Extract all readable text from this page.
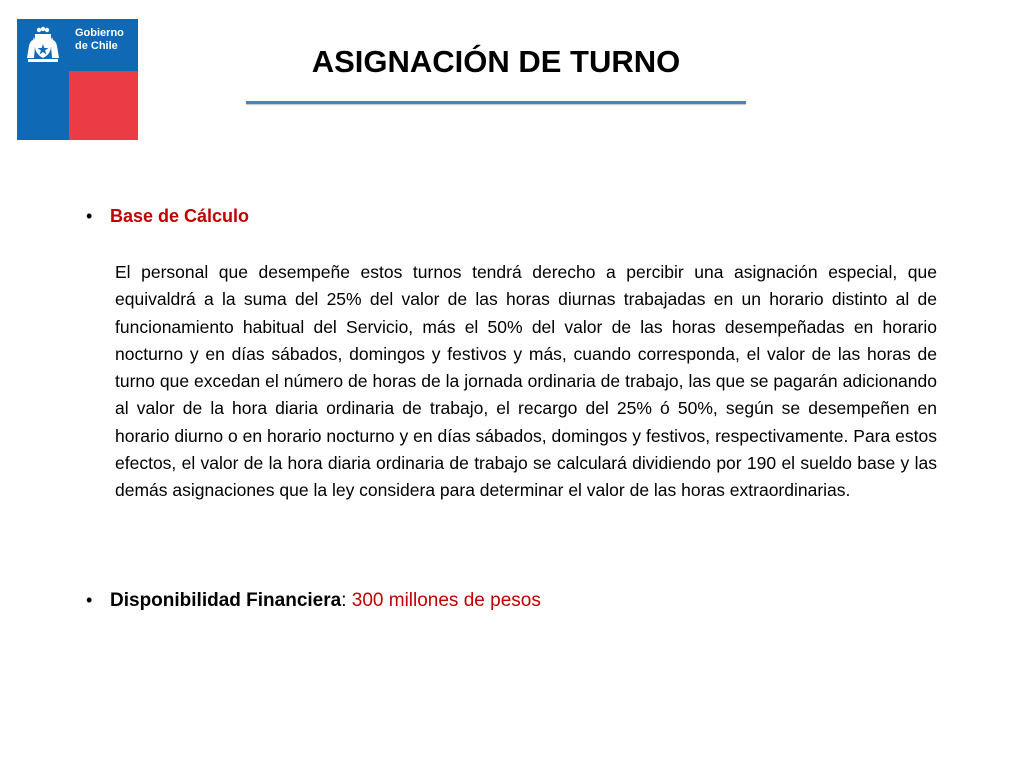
Gobierno
de Chile	ASIGNACIÓN DE TURNO
• Base de Cálculo

El personal que desempeñe estos turnos tendrá derecho a percibir una asignación especial, que equivaldrá a la suma del 25% del valor de las horas diurnas trabajadas en un horario distinto al de funcionamiento habitual del Servicio, más el 50% del valor de las horas desempeñadas en horario nocturno y en días sábados, domingos y festivos y más, cuando corresponda, el valor de las horas de turno que excedan el número de horas de la jornada ordinaria de trabajo, las que se pagarán adicionando al valor de la hora diaria ordinaria de trabajo, el recargo del 25% ó 50%, según se desempeñen en horario diurno o en horario nocturno y en días sábados, domingos y festivos, respectivamente. Para estos efectos, el valor de la hora diaria ordinaria de trabajo se calculará dividiendo por 190 el sueldo base y las demás asignaciones que la ley considera para determinar el valor de las horas extraordinarias.

• Disponibilidad Financiera: 300 millones de pesos
